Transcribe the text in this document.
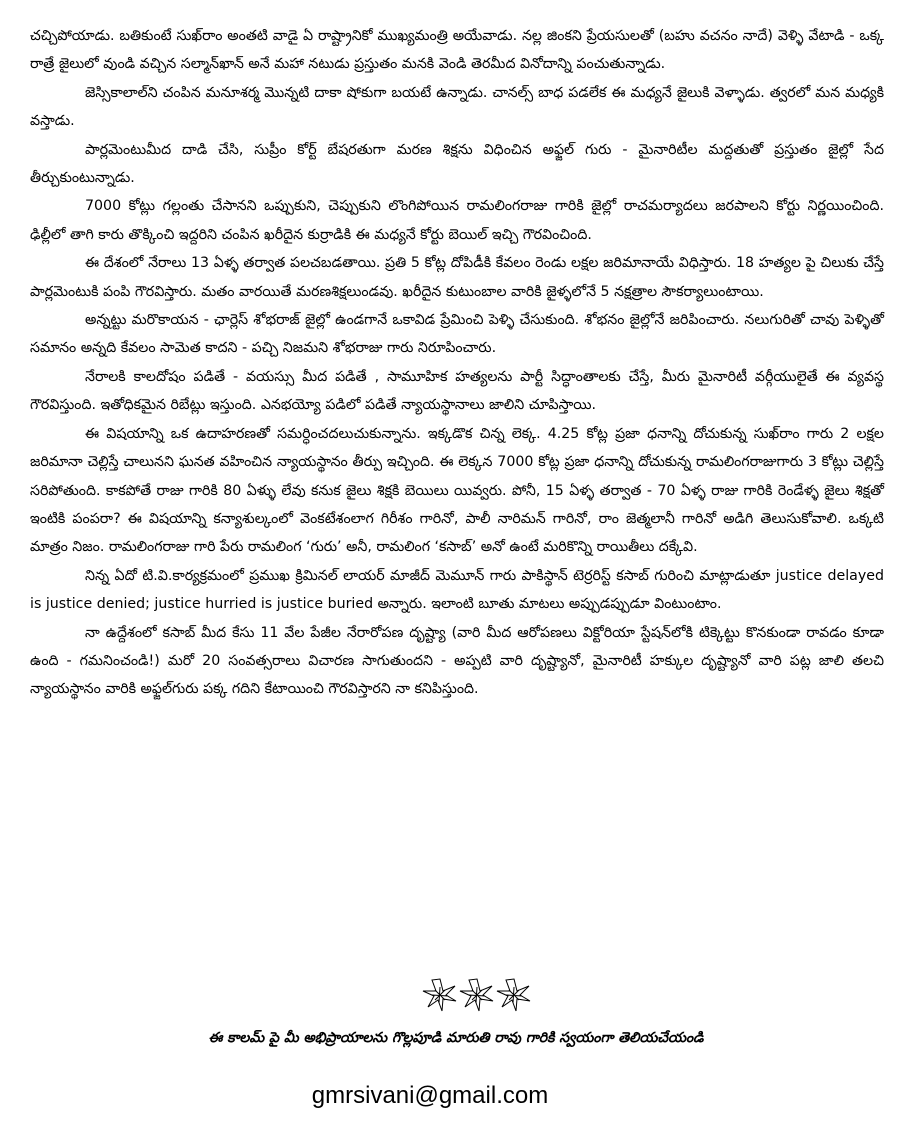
చచ్చిపోయాడు. బతికుంటే సుఖ్‌రాం అంతటి వాడై ఏ రాష్ట్రానికో ముఖ్యమంత్రి అయేవాడు. నల్ల జింకని ప్రేయసులతో (బహు వచనం నాదే) వెళ్ళి వేటాడి - ఒక్క రాత్రే జైలులో వుండి వచ్చిన సల్మాన్‌ఖాన్ అనే మహా నటుడు ప్రస్తుతం మనకి వెండి తెరమీద వినోదాన్ని పంచుతున్నాడు.

జెస్సికాలాల్‌ని చంపిన మనూశర్మ మొన్నటి దాకా షోకుగా బయటే ఉన్నాడు. చానల్స్ బాధ పడలేక ఈ మధ్యనే జైలుకి వెళ్ళాడు. త్వరలో మన మధ్యకి వస్తాడు.

పార్లమెంటుమీద దాడి చేసి, సుప్రీం కోర్ట్ బేషరతుగా మరణ శిక్షను విధించిన అఫ్జల్ గురు - మైనారిటీల మద్దతుతో ప్రస్తుతం జైల్లో సేద తీర్చుకుంటున్నాడు.

7000 కోట్లు గల్లంతు చేసానని ఒప్పుకుని, చెప్పుకుని లొంగిపోయిన రామలింగరాజు గారికి జైల్లో రాచమర్యాదలు జరపాలని కోర్టు నిర్ణయించింది. ఢిల్లీలో తాగి కారు తొక్కించి ఇద్దరిని చంపిన ఖరీదైన కుర్రాడికి ఈ మధ్యనే కోర్టు బెయిల్ ఇచ్చి గౌరవించింది.

ఈ దేశంలో నేరాలు 13 ఏళ్ళ తర్వాత పలచబడతాయి. ప్రతి 5 కోట్ల దోపిడీకి కేవలం రెండు లక్షల జరిమానాయే విధిస్తారు. 18 హత్యల పై చిలుకు చేస్తే పార్లమెంటుకి పంపి గౌరవిస్తారు. మతం వారయితే మరణశిక్షలుండవు. ఖరీదైన కుటుంబాల వారికి జైళ్ళలోనే 5 నక్షత్రాల సౌకర్యాలుంటాయి.

అన్నట్టు మరొకాయన - ఛార్లెస్ శోభరాజ్ జైల్లో ఉండగానే ఒకావిడ ప్రేమించి పెళ్ళి చేసుకుంది. శోభనం జైల్లోనే జరిపించారు. నలుగురితో చావు పెళ్ళితో సమానం అన్నది కేవలం సామెత కాదని - పచ్చి నిజమని శోభరాజు గారు నిరూపించారు.

నేరాలకి కాలదోషం పడితే - వయస్సు మీద పడితే , సామూహిక హత్యలను పార్టీ సిద్ధాంతాలకు చేస్తే, మీరు మైనారిటీ వర్గీయులైతే ఈ వ్యవస్థ గౌరవిస్తుంది. ఇతోధికమైన రిబేట్లు ఇస్తుంది. ఎనభయ్యో పడిలో పడితే న్యాయస్థానాలు జాలిని చూపిస్తాయి.

ఈ విషయాన్ని ఒక ఉదాహరణతో సమర్ధించదలుచుకున్నాను. ఇక్కడొక చిన్న లెక్క. 4.25 కోట్ల ప్రజా ధనాన్ని దోచుకున్న సుఖ్‌రాం గారు 2 లక్షల జరిమానా చెల్లిస్తే చాలునని ఘనత వహించిన న్యాయస్థానం తీర్పు ఇచ్చింది. ఈ లెక్కన 7000 కోట్ల ప్రజా ధనాన్ని దోచుకున్న రామలింగరాజుగారు 3 కోట్లు చెల్లిస్తే సరిపోతుంది. కాకపోతే రాజు గారికి 80 ఏళ్ళు లేవు కనుక జైలు శిక్షకి బెయిలు యివ్వరు. పోనీ, 15 ఏళ్ళ తర్వాత - 70 ఏళ్ళ రాజు గారికి రెండేళ్ళ జైలు శిక్షతో ఇంటికి పంపరా? ఈ విషయాన్ని కన్యాశుల్కంలో వెంకటేశంలాగ గిరీశం గారినో, పాలీ నారిమన్ గారినో, రాం జెత్మలానీ గారినో అడిగి తెలుసుకోవాలి. ఒక్కటి మాత్రం నిజం. రామలింగరాజు గారి పేరు రామలింగ ‘గురు’ అనీ, రామలింగ ‘కసాబ్’ అనో ఉంటే మరికొన్ని రాయితీలు దక్కేవి.

నిన్న ఏదో టి.వి.కార్యక్రమంలో ప్రముఖ క్రిమినల్ లాయర్ మాజీద్ మెమూన్ గారు పాకిస్థాన్ టెర్రరిస్ట్ కసాబ్ గురించి మాట్లాడుతూ justice delayed is justice denied; justice hurried is justice buried అన్నారు. ఇలాంటి బూతు మాటలు అప్పుడప్పుడూ వింటుంటాం.

నా ఉద్దేశంలో కసాబ్ మీద కేసు 11 వేల పేజీల నేరారోపణ దృష్ట్యా (వారి మీద ఆరోపణలు విక్టోరియా స్టేషన్‌లోకి టిక్కెట్టు కొనకుండా రావడం కూడా ఉంది - గమనించండి!) మరో 20 సంవత్సరాలు విచారణ సాగుతుందని - అప్పటి వారి దృష్ట్యానో, మైనారిటీ హక్కుల దృష్ట్యానో వారి పట్ల జాలి తలచి న్యాయస్థానం వారికి అఫ్జల్‌గురు పక్క గదిని కేటాయించి గౌరవిస్తారని నా కనిపిస్తుంది.

ఈ కాలమ్ పై మీ అభిప్రాయాలను గొల్లపూడి మారుతి రావు గారికి స్వయంగా తెలియచేయండి
gmrsivani@gmail.com
